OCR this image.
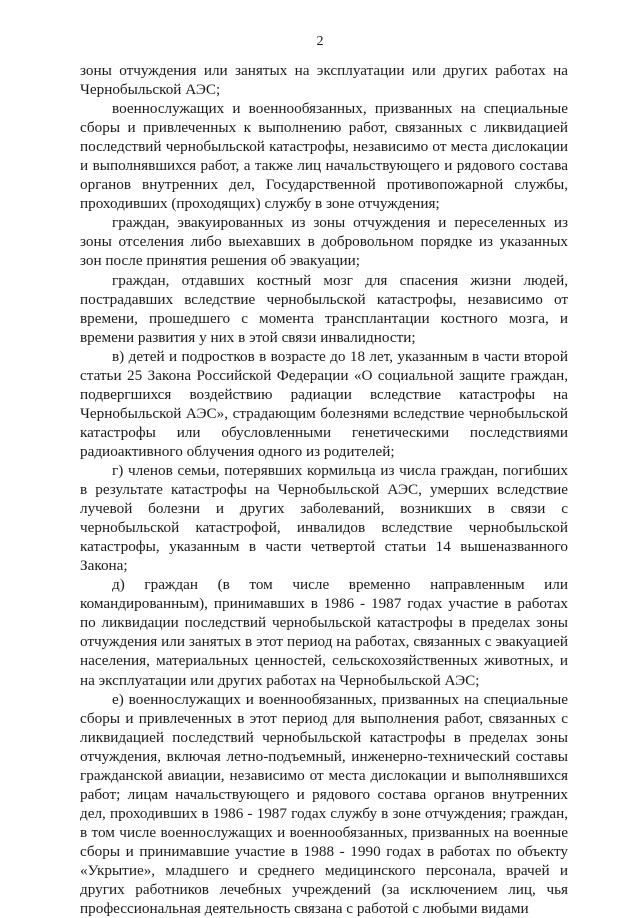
2

зоны отчуждения или занятых на эксплуатации или других работах на Чернобыльской АЭС;

военнослужащих и военнообязанных, призванных на специальные сборы и привлеченных к выполнению работ, связанных с ликвидацией последствий чернобыльской катастрофы, независимо от места дислокации и выполнявшихся работ, а также лиц начальствующего и рядового состава органов внутренних дел, Государственной противопожарной службы, проходивших (проходящих) службу в зоне отчуждения;

граждан, эвакуированных из зоны отчуждения и переселенных из зоны отселения либо выехавших в добровольном порядке из указанных зон после принятия решения об эвакуации;

граждан, отдавших костный мозг для спасения жизни людей, пострадавших вследствие чернобыльской катастрофы, независимо от времени, прошедшего с момента трансплантации костного мозга, и времени развития у них в этой связи инвалидности;

в) детей и подростков в возрасте до 18 лет, указанным в части второй статьи 25 Закона Российской Федерации «О социальной защите граждан, подвергшихся воздействию радиации вследствие катастрофы на Чернобыльской АЭС», страдающим болезнями вследствие чернобыльской катастрофы или обусловленными генетическими последствиями радиоактивного облучения одного из родителей;

г) членов семьи, потерявших кормильца из числа граждан, погибших в результате катастрофы на Чернобыльской АЭС, умерших вследствие лучевой болезни и других заболеваний, возникших в связи с чернобыльской катастрофой, инвалидов вследствие чернобыльской катастрофы, указанным в части четвертой статьи 14 вышеназванного Закона;

д) граждан (в том числе временно направленным или командированным), принимавших в 1986 - 1987 годах участие в работах по ликвидации последствий чернобыльской катастрофы в пределах зоны отчуждения или занятых в этот период на работах, связанных с эвакуацией населения, материальных ценностей, сельскохозяйственных животных, и на эксплуатации или других работах на Чернобыльской АЭС;

е) военнослужащих и военнообязанных, призванных на специальные сборы и привлеченных в этот период для выполнения работ, связанных с ликвидацией последствий чернобыльской катастрофы в пределах зоны отчуждения, включая летно-подъемный, инженерно-технический составы гражданской авиации, независимо от места дислокации и выполнявшихся работ; лицам начальствующего и рядового состава органов внутренних дел, проходивших в 1986 - 1987 годах службу в зоне отчуждения; граждан, в том числе военнослужащих и военнообязанных, призванных на военные сборы и принимавшие участие в 1988 - 1990 годах в работах по объекту «Укрытие», младшего и среднего медицинского персонала, врачей и других работников лечебных учреждений (за исключением лиц, чья профессиональная деятельность связана с работой с любыми видами
